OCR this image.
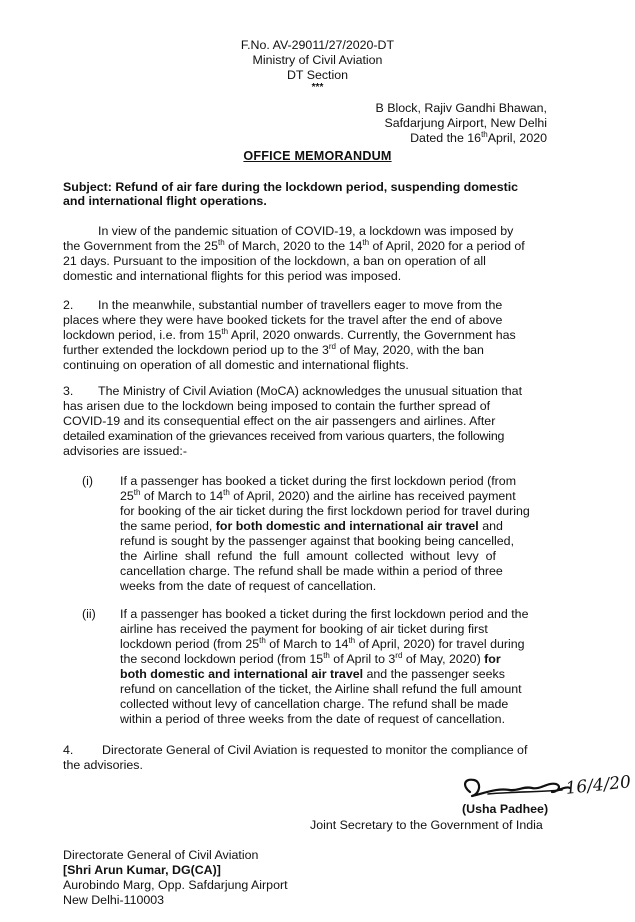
F.No. AV-29011/27/2020-DT
Ministry of Civil Aviation
DT Section
***
B Block, Rajiv Gandhi Bhawan,
Safdarjung Airport, New Delhi
Dated the 16thApril, 2020
OFFICE MEMORANDUM
Subject: Refund of air fare during the lockdown period, suspending domestic
and international flight operations.
In view of the pandemic situation of COVID-19, a lockdown was imposed by
the Government from the 25th of March, 2020 to the 14th of April, 2020 for a period of
21 days. Pursuant to the imposition of the lockdown, a ban on operation of all
domestic and international flights for this period was imposed.
2. In the meanwhile, substantial number of travellers eager to move from the
places where they were have booked tickets for the travel after the end of above
lockdown period, i.e. from 15th April, 2020 onwards. Currently, the Government has
further extended the lockdown period up to the 3rd of May, 2020, with the ban
continuing on operation of all domestic and international flights.
3. The Ministry of Civil Aviation (MoCA) acknowledges the unusual situation that
has arisen due to the lockdown being imposed to contain the further spread of
COVID-19 and its consequential effect on the air passengers and airlines. After
detailed examination of the grievances received from various quarters, the following
advisories are issued:-
(i) If a passenger has booked a ticket during the first lockdown period (from
25th of March to 14th of April, 2020) and the airline has received payment
for booking of the air ticket during the first lockdown period for travel during
the same period, for both domestic and international air travel and
refund is sought by the passenger against that booking being cancelled,
the Airline shall refund the full amount collected without levy of
cancellation charge. The refund shall be made within a period of three
weeks from the date of request of cancellation.
(ii) If a passenger has booked a ticket during the first lockdown period and the
airline has received the payment for booking of air ticket during first
lockdown period (from 25th of March to 14th of April, 2020) for travel during
the second lockdown period (from 15th of April to 3rd of May, 2020) for
both domestic and international air travel and the passenger seeks
refund on cancellation of the ticket, the Airline shall refund the full amount
collected without levy of cancellation charge. The refund shall be made
within a period of three weeks from the date of request of cancellation.
4. Directorate General of Civil Aviation is requested to monitor the compliance of
the advisories.
16/4/20
(Usha Padhee)
Joint Secretary to the Government of India
Directorate General of Civil Aviation
[Shri Arun Kumar, DG(CA)]
Aurobindo Marg, Opp. Safdarjung Airport
New Delhi-110003
